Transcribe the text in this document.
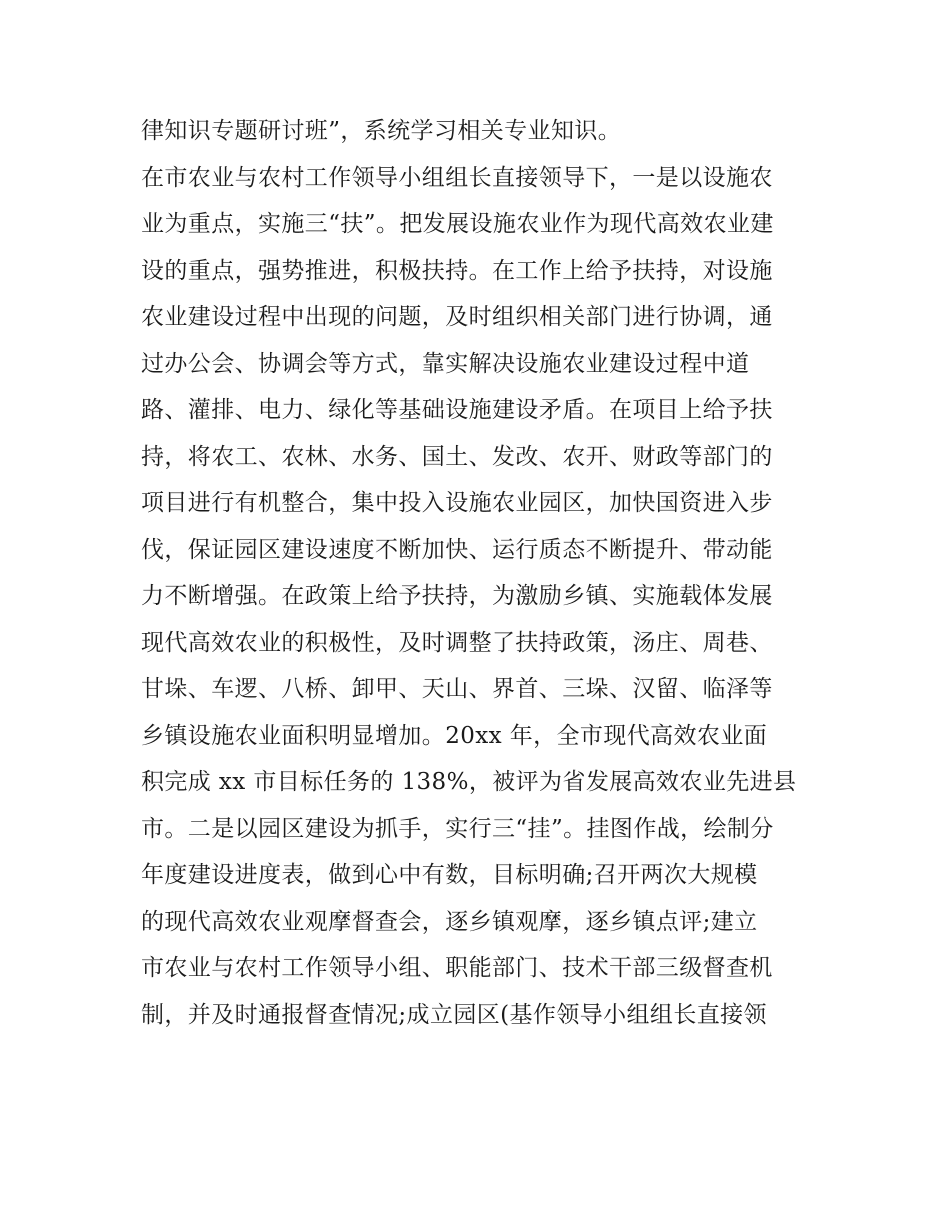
律知识专题研讨班”，系统学习相关专业知识。
在市农业与农村工作领导小组组长直接领导下，一是以设施农
业为重点，实施三“扶”。把发展设施农业作为现代高效农业建
设的重点，强势推进，积极扶持。在工作上给予扶持，对设施
农业建设过程中出现的问题，及时组织相关部门进行协调，通
过办公会、协调会等方式，靠实解决设施农业建设过程中道
路、灌排、电力、绿化等基础设施建设矛盾。在项目上给予扶
持，将农工、农林、水务、国土、发改、农开、财政等部门的
项目进行有机整合，集中投入设施农业园区，加快国资进入步
伐，保证园区建设速度不断加快、运行质态不断提升、带动能
力不断增强。在政策上给予扶持，为激励乡镇、实施载体发展
现代高效农业的积极性，及时调整了扶持政策，汤庄、周巷、
甘垛、车逻、八桥、卸甲、天山、界首、三垛、汉留、临泽等
乡镇设施农业面积明显增加。20xx 年，全市现代高效农业面
积完成 xx 市目标任务的 138%，被评为省发展高效农业先进县
市。二是以园区建设为抓手，实行三“挂”。挂图作战，绘制分
年度建设进度表，做到心中有数，目标明确;召开两次大规模
的现代高效农业观摩督查会，逐乡镇观摩，逐乡镇点评;建立
市农业与农村工作领导小组、职能部门、技术干部三级督查机
制，并及时通报督查情况;成立园区(基作领导小组组长直接领
